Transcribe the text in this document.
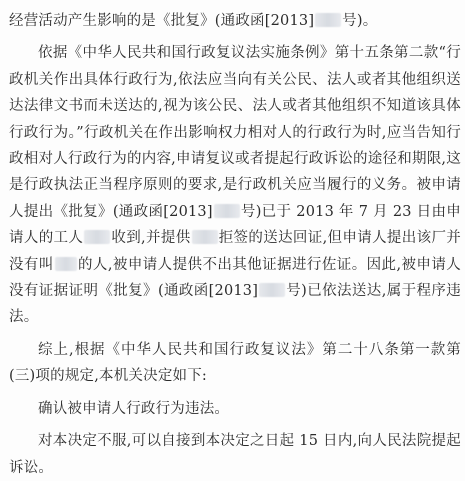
经营活动产生影响的是《批复》(通政函[2013] 号)。

依据《中华人民共和国行政复议法实施条例》第十五条第二款“行政机关作出具体行政行为,依法应当向有关公民、法人或者其他组织送达法律文书而未送达的,视为该公民、法人或者其他组织不知道该具体行政行为。”行政机关在作出影响权力相对人的行政行为时,应当告知行政相对人行政行为的内容,申请复议或者提起行政诉讼的途径和期限,这是行政执法正当程序原则的要求,是行政机关应当履行的义务。被申请人提出《批复》(通政函[2013] 号)已于 2013 年 7 月 23 日由申请人的工人 收到,并提供 拒签的送达回证,但申请人提出该厂并没有叫 的人,被申请人提供不出其他证据进行佐证。因此,被申请人没有证据证明《批复》(通政函[2013] 号)已依法送达,属于程序违法。

综上,根据《中华人民共和国行政复议法》第二十八条第一款第(三)项的规定,本机关决定如下:

确认被申请人行政行为违法。

对本决定不服,可以自接到本决定之日起 15 日内,向人民法院提起诉讼。
